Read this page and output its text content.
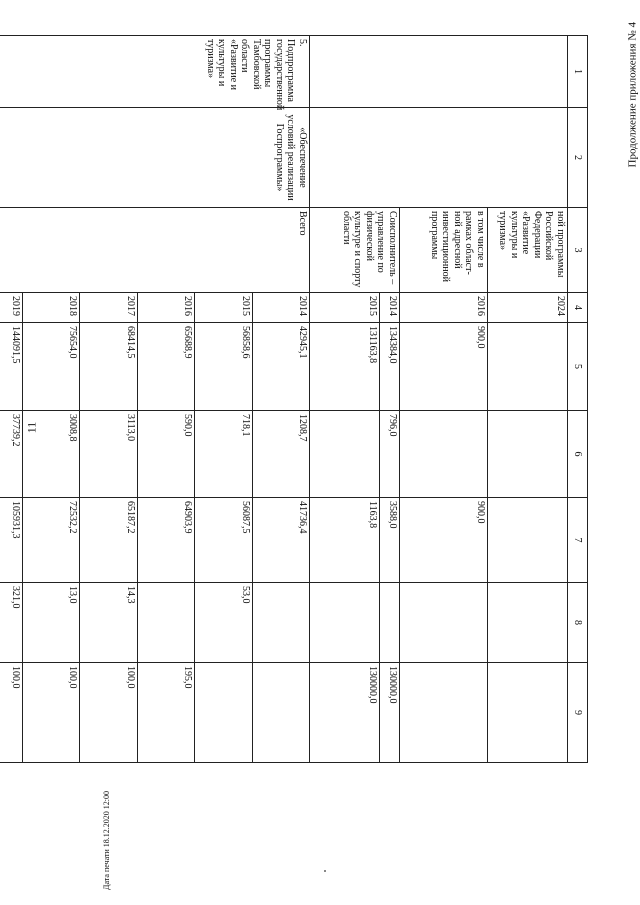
11
Продолжение приложения № 4
Дата печати 18.12.2020 12:00
1	2	3	4	5	6	7	8	9
		ной программы Российской Федерации «Развитие культуры и туризма»	2024					
		в том числе в рамках област-ной адресной инвестиционной программы	2016	900,0		900,0		
		Соисполнитель – управление по физической культуре и спорту области	2014	134384,0	796,0	3588,0		130000,0
			2015	131163,8		1163,8		130000,0
5. Подпрограмма государственной программы Тамбовской области «Развитие и культуры и туризма»	«Обеспечение условий реализации Госпрограммы»	Всего	2014	42945,1	1208,7	41736,4		
			2015	56858,6	718,1	56087,5	53,0	
			2016	65688,9	590,0	64903,9		195,0
			2017	68414,5	3113,0	65187,2	14,3	100,0
			2018	75654,0	3008,8	72532,2	13,0	100,0
			2019	144091,5	37739,2	105931,3	321,0	100,0
